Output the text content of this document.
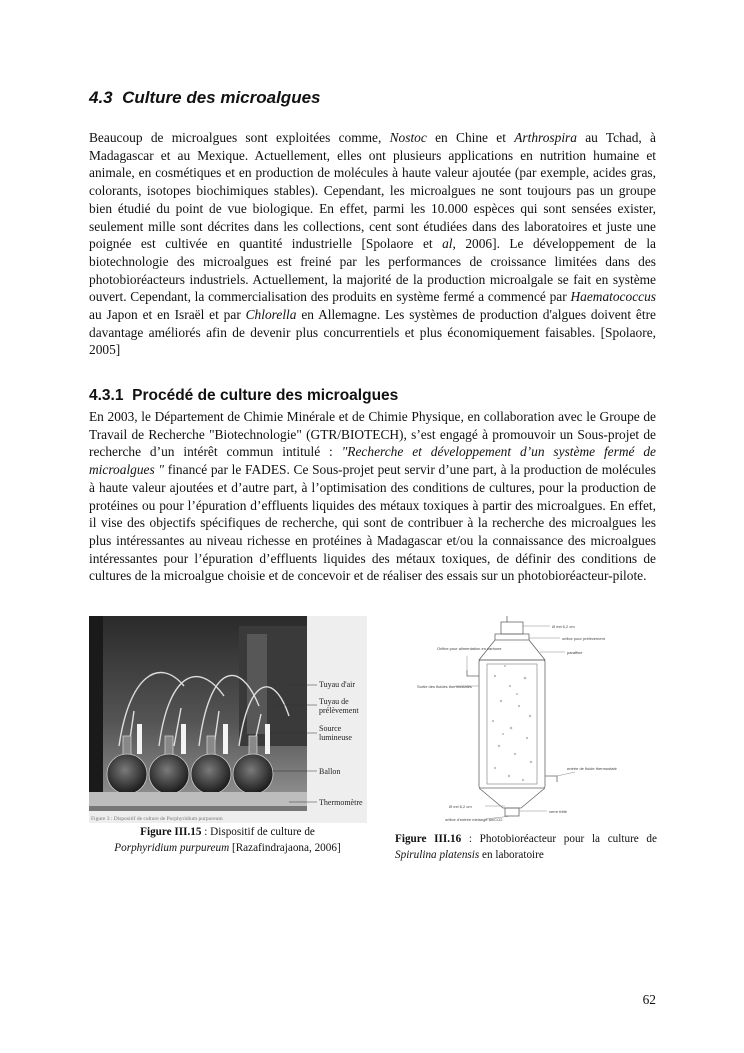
4.3 Culture des microalgues

Beaucoup de microalgues sont exploitées comme, Nostoc en Chine et Arthrospira au Tchad, à Madagascar et au Mexique. Actuellement, elles ont plusieurs applications en nutrition humaine et animale, en cosmétiques et en production de molécules à haute valeur ajoutée (par exemple, acides gras, colorants, isotopes biochimiques stables). Cependant, les microalgues ne sont toujours pas un groupe bien étudié du point de vue biologique. En effet, parmi les 10.000 espèces qui sont sensées exister, seulement mille sont décrites dans les collections, cent sont étudiées dans des laboratoires et juste une poignée est cultivée en quantité industrielle [Spolaore et al, 2006]. Le développement de la biotechnologie des microalgues est freiné par les performances de croissance limitées dans des photobioréacteurs industriels. Actuellement, la majorité de la production microalgale se fait en système ouvert. Cependant, la commercialisation des produits en système fermé a commencé par Haematococcus au Japon et en Israël et par Chlorella en Allemagne. Les systèmes de production d'algues doivent être davantage améliorés afin de devenir plus concurrentiels et plus économiquement faisables. [Spolaore, 2005]

4.3.1 Procédé de culture des microalgues

En 2003, le Département de Chimie Minérale et de Chimie Physique, en collaboration avec le Groupe de Travail de Recherche "Biotechnologie" (GTR/BIOTECH), s’est engagé à promouvoir un Sous-projet de recherche d’un intérêt commun intitulé : "Recherche et développement d’un système fermé de microalgues " financé par le FADES. Ce Sous-projet peut servir d’une part, à la production de molécules à haute valeur ajoutées et d’autre part, à l’optimisation des conditions de cultures, pour la production de protéines ou pour l’épuration d’effluents liquides des métaux toxiques à partir des microalgues. En effet, il vise des objectifs spécifiques de recherche, qui sont de contribuer à la recherche des microalgues les plus intéressantes au niveau richesse en protéines à Madagascar et/ou la connaissance des microalgues intéressantes pour l’épuration d’effluents liquides des métaux toxiques, de définir des conditions de cultures de la microalgue choisie et de concevoir et de réaliser des essais sur un photobioréacteur-pilote.

Tuyau d'air
Tuyau de
prélèvement
Source
lumineuse
Ballon
Thermomètre
Figure 3 : Dispositif de culture de Porphyridium purpureum
Ø ext 6,2 cm
Orifice pour alimentation en carbone
orifice pour prélèvement
paraffine
Sortie des fluides thermostatés
entrée de fluide thermostaté
Ø ext 6,2 cm
verre fritté
orifice d'entrée mélange air/CO2
Figure III.15 : Dispositif de culture de
Porphyridium purpureum [Razafindrajaona, 2006]
Figure III.16 : Photobioréacteur pour la culture de Spirulina platensis en laboratoire
62
